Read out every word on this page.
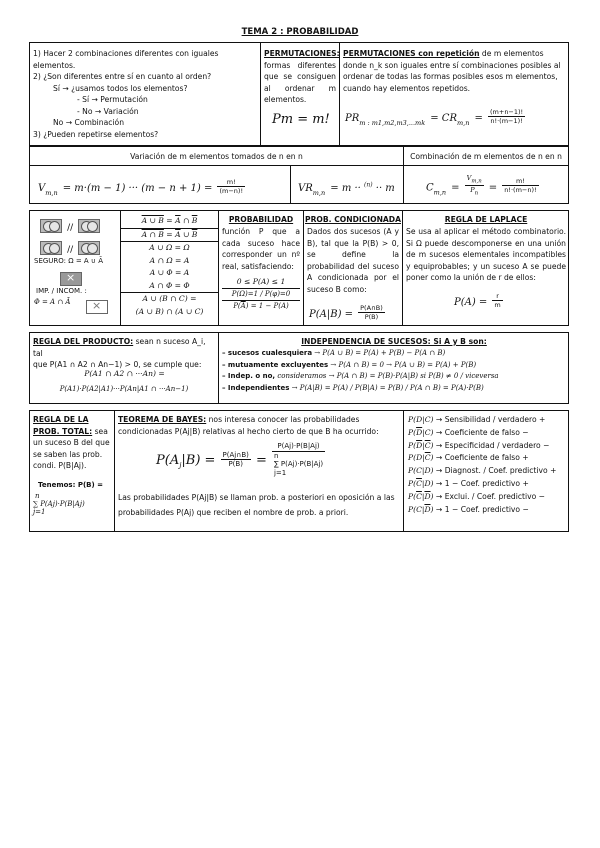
TEMA 2 : PROBABILIDAD
1) Hacer 2 combinaciones diferentes con iguales elementos.
2) ¿Son diferentes entre sí en cuanto al orden?
Sí → ¿usamos todos los elementos?
- Sí → Permutación
- No → Variación
No → Combinación
3) ¿Pueden repetirse elementos?
PERMUTACIONES: formas diferentes que se consiguen al ordenar m elementos.
Pm = m!
PERMUTACIONES con repetición de m elementos donde n_k son iguales entre sí combinaciones posibles al ordenar de todas las formas posibles esos m elementos, cuando hay elementos repetidos.
$PR_{m : m1,m2,m3,...mk} = CR_{m,n} = \frac{(m+n-1)!}{n!\cdot(m-1)!}$
Variación de m elementos tomados de n en n	Combinación de m elementos de n en n
$V_{m,n} = m\cdot(m - 1)$ ··· $(m - n + 1) = \frac{m!}{(m-n)!}$	$VR_{m,n} = m \cdot\cdot ^{(n)} \cdot\cdot m$	$C_{m,n} = \frac{V_{m,n}}{P_n} = \frac{m!}{n!\cdot(m-n)!}$
//
//
SEGURO: Ω = A ∪ Ā
×
IMP. / INCOM. :
Φ = A ∩ Ā
×
A ∪ $B = \overline{A}$ ∩ $\overline{B}$
A ∩ $B = \overline{A}$ ∪ $\overline{B}$
A ∪ Ω = Ω
A ∩ Ω = A
A ∪ Φ = A
A ∩ Φ = Φ
A ∪ (B ∩ C) =
(A ∪ B) ∩ (A ∪ C)
PROBABILIDAD
función P que a cada suceso hace corresponder un nº real, satisfaciendo:
0 ≤ P(A) ≤ 1
P(Ω)=1 / P(φ)=0
$P(\overline{A}) = 1 - P(A)$
PROB. CONDICIONADA
Dados dos sucesos (A y B), tal que la P(B) > 0, se define la probabilidad del suceso A condicionada por el suceso B como:
$P(A|B) = \frac{P(A\cap B)}{P(B)}$
REGLA DE LAPLACE
Se usa al aplicar el método combinatorio. Si Ω puede descomponerse en una unión de m sucesos elementales incompatibles y equiprobables; y un suceso A se puede poner como la unión de r de ellos:
$P(A) = \frac{r}{m}$
REGLA DEL PRODUCTO: sean n suceso A_i, tal
que P(A1 ∩ A2 ∩ An−1) > 0, se cumple que:
P(A1 ∩ A2 ∩ ···An) =
P(A1)·P(A2|A1)···P(An|A1 ∩ ···An−1)
INDEPENDENCIA DE SUCESOS: Si A y B son:
– sucesos cualesquiera → P(A ∪ B) = P(A) + P(B) − P(A ∩ B)
– mutuamente excluyentes → P(A ∩ B) = 0 → P(A ∪ B) = P(A) + P(B)
– Indep. o no, consideramos → P(A ∩ B) = P(B)·P(A|B) si P(B) ≠ 0 / viceversa
– Independientes → P(A|B) = P(A) / P(B|A) = P(B) / P(A ∩ B) = P(A)·P(B)
REGLA DE LA PROB. TOTAL: sea un suceso B del que se saben las prob. condi. P(B|Aj).
Tenemos: P(B) =
n
∑ P(Aj)·P(B|Aj)
j=1
TEOREMA DE BAYES: nos interesa conocer las probabilidades condicionadas P(Aj|B) relativas al hecho cierto de que B ha ocurrido:
$P(A_j|B) = \frac{P(Aj\cap B)}{P(B)} = P(Aj)\cdot P(B|Aj)$
n
∑ P(Aj)·P(B|Aj)
j=1
Las probabilidades P(Aj|B) se llaman prob. a posteriori en oposición a las
probabilidades P(Aj) que reciben el nombre de prob. a priori.
P(D|C) → Sensibilidad / verdadero +
$P(\overline{D}|C)$ → Coeficiente de falso −
$P(\overline{D}|\overline{C})$ → Especificidad / verdadero −
$P(D|\overline{C})$ → Coeficiente de falso +
P(C|D) → Diagnost. / Coef. predictivo +
$P(\overline{C}|D) \to 1$ − Coef. predictivo +
$P(\overline{C}|\overline{D})$ → Exclui. / Coef. predictivo −
$P(C|\overline{D}) \to 1$ − Coef. predictivo −
